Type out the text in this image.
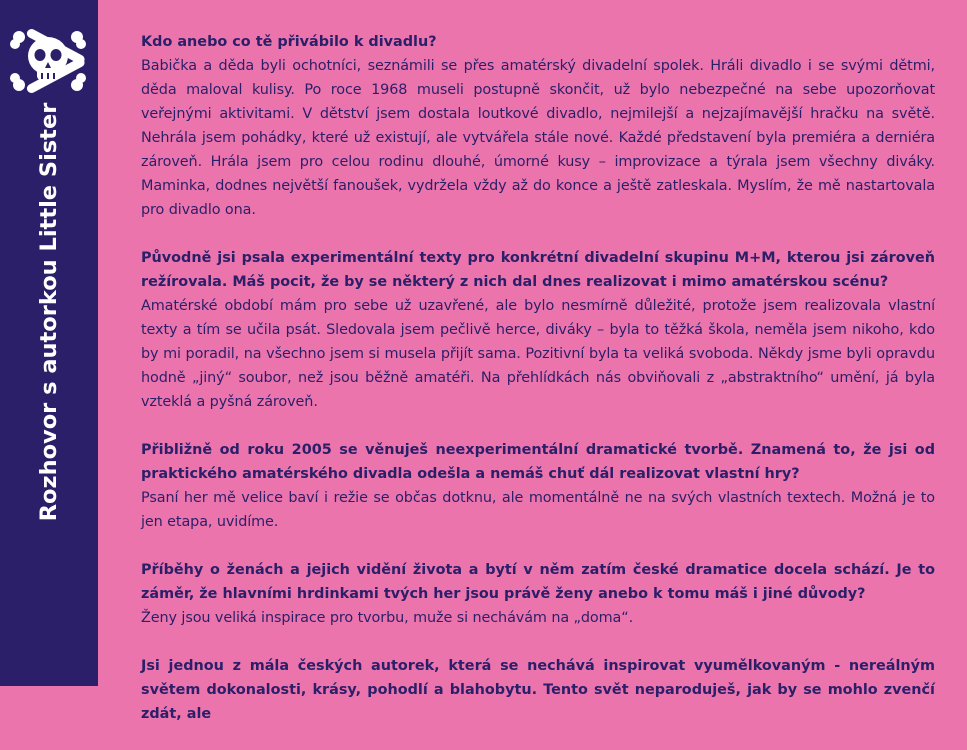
Rozhovor s autorkou Little Sister

Kdo anebo co tě přivábilo k divadlu?

Babička a děda byli ochotníci, seznámili se přes amatérský divadelní spolek. Hráli divadlo i se svými dětmi, děda maloval kulisy. Po roce 1968 museli postupně skončit, už bylo nebezpečné na sebe upozorňovat veřejnými aktivitami. V dětství jsem dostala loutkové divadlo, nejmilejší a nejzajímavější hračku na světě. Nehrála jsem pohádky, které už existují, ale vytvářela stále nové. Každé představení byla premiéra a derniéra zároveň. Hrála jsem pro celou rodinu dlouhé, úmorné kusy – improvizace a týrala jsem všechny diváky. Maminka, dodnes největší fanoušek, vydržela vždy až do konce a ještě zatleskala. Myslím, že mě nastartovala pro divadlo ona.

Původně jsi psala experimentální texty pro konkrétní divadelní skupinu M+M, kterou jsi zároveň režírovala. Máš pocit, že by se některý z nich dal dnes realizovat i mimo amatérskou scénu?

Amatérské období mám pro sebe už uzavřené, ale bylo nesmírně důležité, protože jsem realizovala vlastní texty a tím se učila psát. Sledovala jsem pečlivě herce, diváky – byla to těžká škola, neměla jsem nikoho, kdo by mi poradil, na všechno jsem si musela přijít sama. Pozitivní byla ta veliká svoboda. Někdy jsme byli opravdu hodně „jiný“ soubor, než jsou běžně amatéři. Na přehlídkách nás obviňovali z „abstraktního“ umění, já byla vzteklá a pyšná zároveň.

Přibližně od roku 2005 se věnuješ neexperimentální dramatické tvorbě. Znamená to, že jsi od praktického amatérského divadla odešla a nemáš chuť dál realizovat vlastní hry?

Psaní her mě velice baví i režie se občas dotknu, ale momentálně ne na svých vlastních textech. Možná je to jen etapa, uvidíme.

Příběhy o ženách a jejich vidění života a bytí v něm zatím české dramatice docela schází. Je to záměr, že hlavními hrdinkami tvých her jsou právě ženy anebo k tomu máš i jiné důvody?

Ženy jsou veliká inspirace pro tvorbu, muže si nechávám na „doma“.

Jsi jednou z mála českých autorek, která se nechává inspirovat vyumělkovaným - nereálným světem dokonalosti, krásy, pohodlí a blahobytu. Tento svět neparoduješ, jak by se mohlo zvenčí zdát, ale
